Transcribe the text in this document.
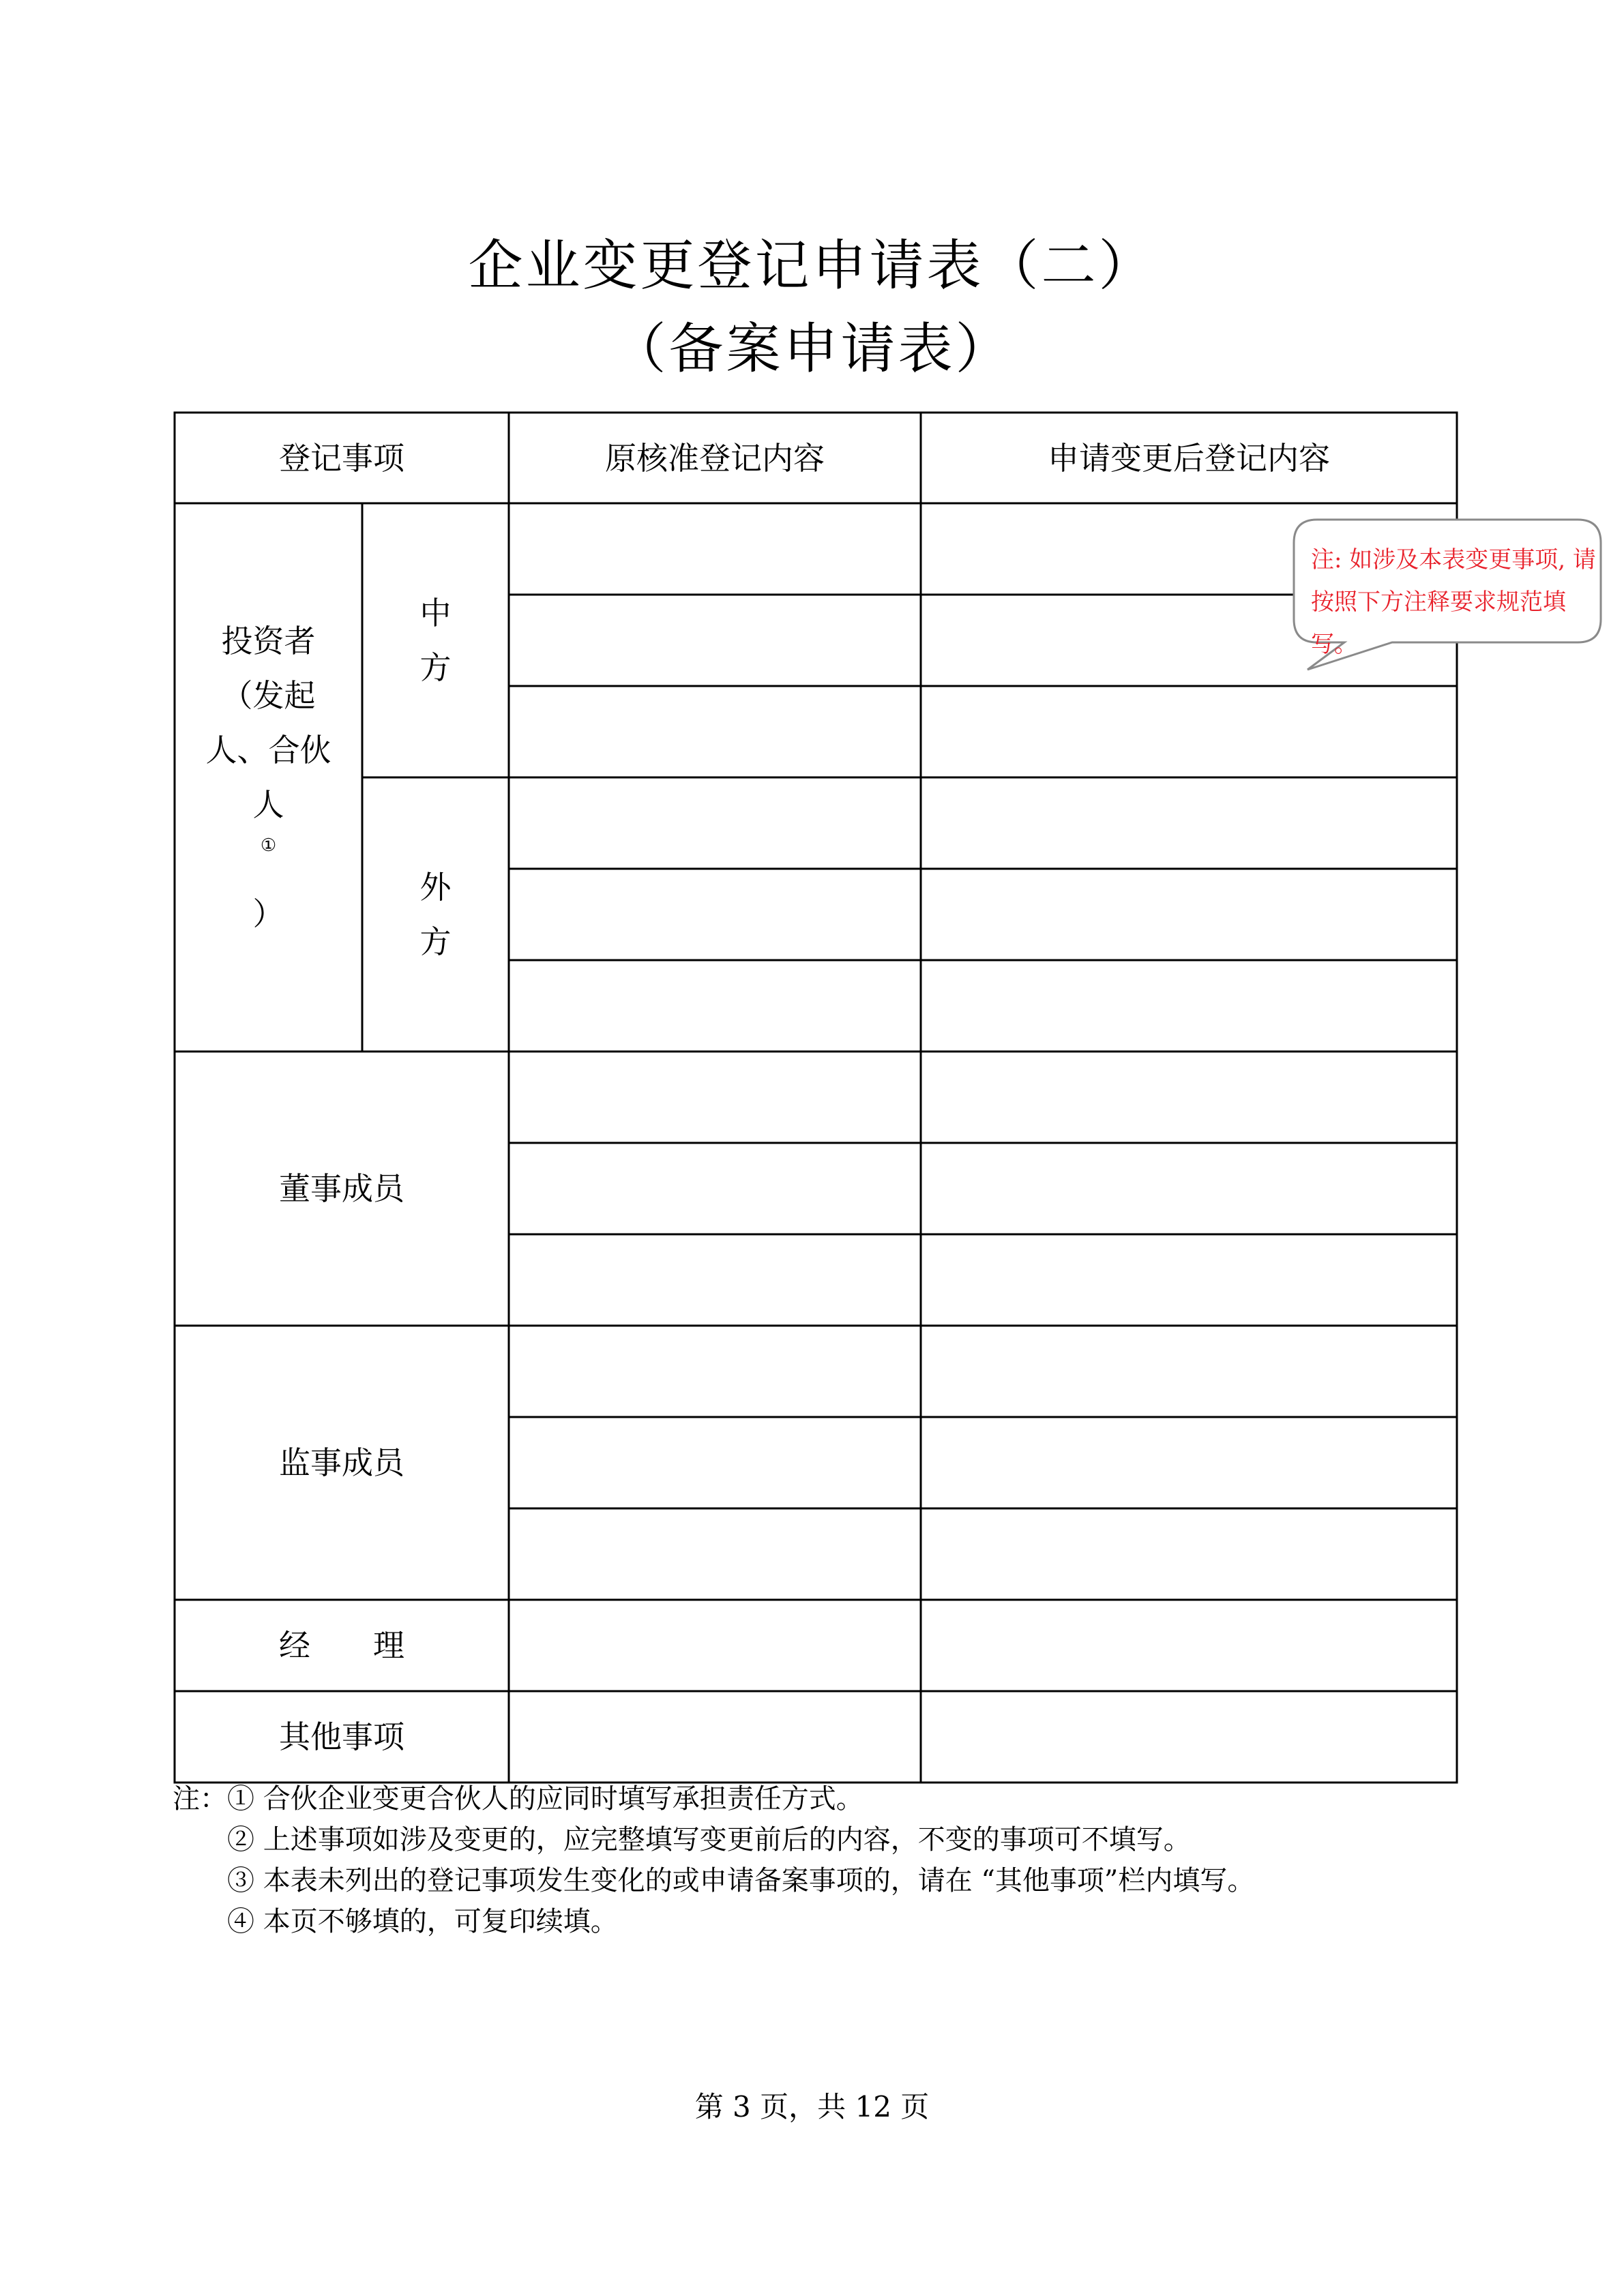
企业变更登记申请表（二）
（备案申请表）
登记事项	原核准登记内容	申请变更后登记内容
投资者
（发起
人、合伙
人
①
）
中
方
外
方
董事成员
监事成员
经　　理
其他事项
注: 如涉及本表变更事项, 请按照下方注释要求规范填写。
注： ① 合伙企业变更合伙人的应同时填写承担责任方式。
② 上述事项如涉及变更的，应完整填写变更前后的内容，不变的事项可不填写。
③ 本表未列出的登记事项发生变化的或申请备案事项的，请在 “其他事项”栏内填写。
④ 本页不够填的，可复印续填。
第 3 页，共 12 页
